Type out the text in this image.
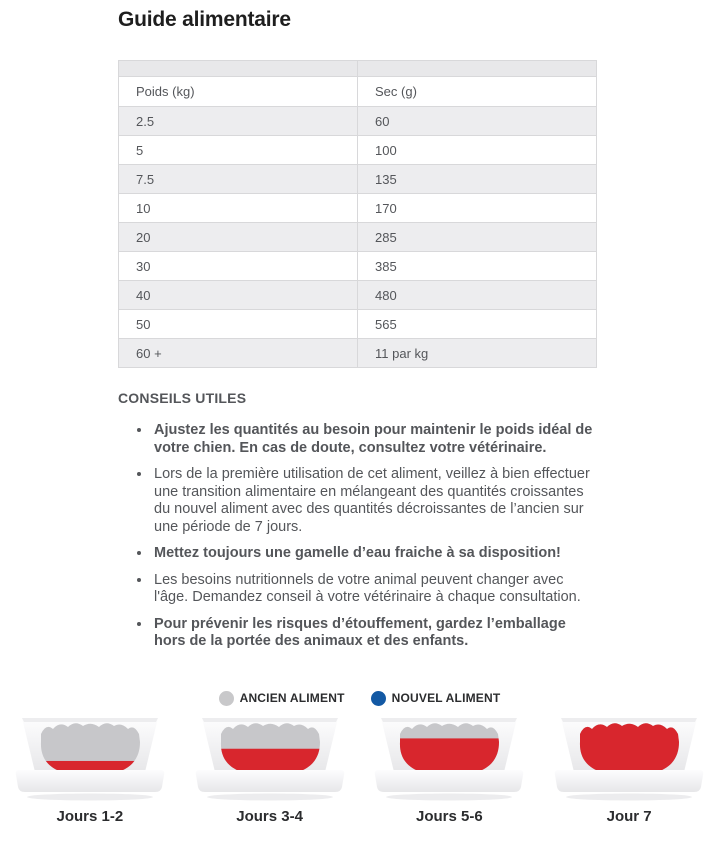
Guide alimentaire

Poids (kg)	Sec (g)
2.5	60
5	100
7.5	135
10	170
20	285
30	385
40	480
50	565
60 +	11 par kg
CONSEILS UTILES
• Ajustez les quantités au besoin pour maintenir le poids idéal de votre chien. En cas de doute, consultez votre vétérinaire.
• Lors de la première utilisation de cet aliment, veillez à bien effectuer une transition alimentaire en mélangeant des quantités croissantes du nouvel aliment avec des quantités décroissantes de l’ancien sur une période de 7 jours.
• Mettez toujours une gamelle d’eau fraiche à sa disposition!
• Les besoins nutritionnels de votre animal peuvent changer avec l'âge. Demandez conseil à votre vétérinaire à chaque consultation.
• Pour prévenir les risques d’étouffement, gardez l’emballage hors de la portée des animaux et des enfants.
ANCIEN ALIMENT	NOUVEL ALIMENT
Jours 1-2	Jours 3-4	Jours 5-6	Jour 7
